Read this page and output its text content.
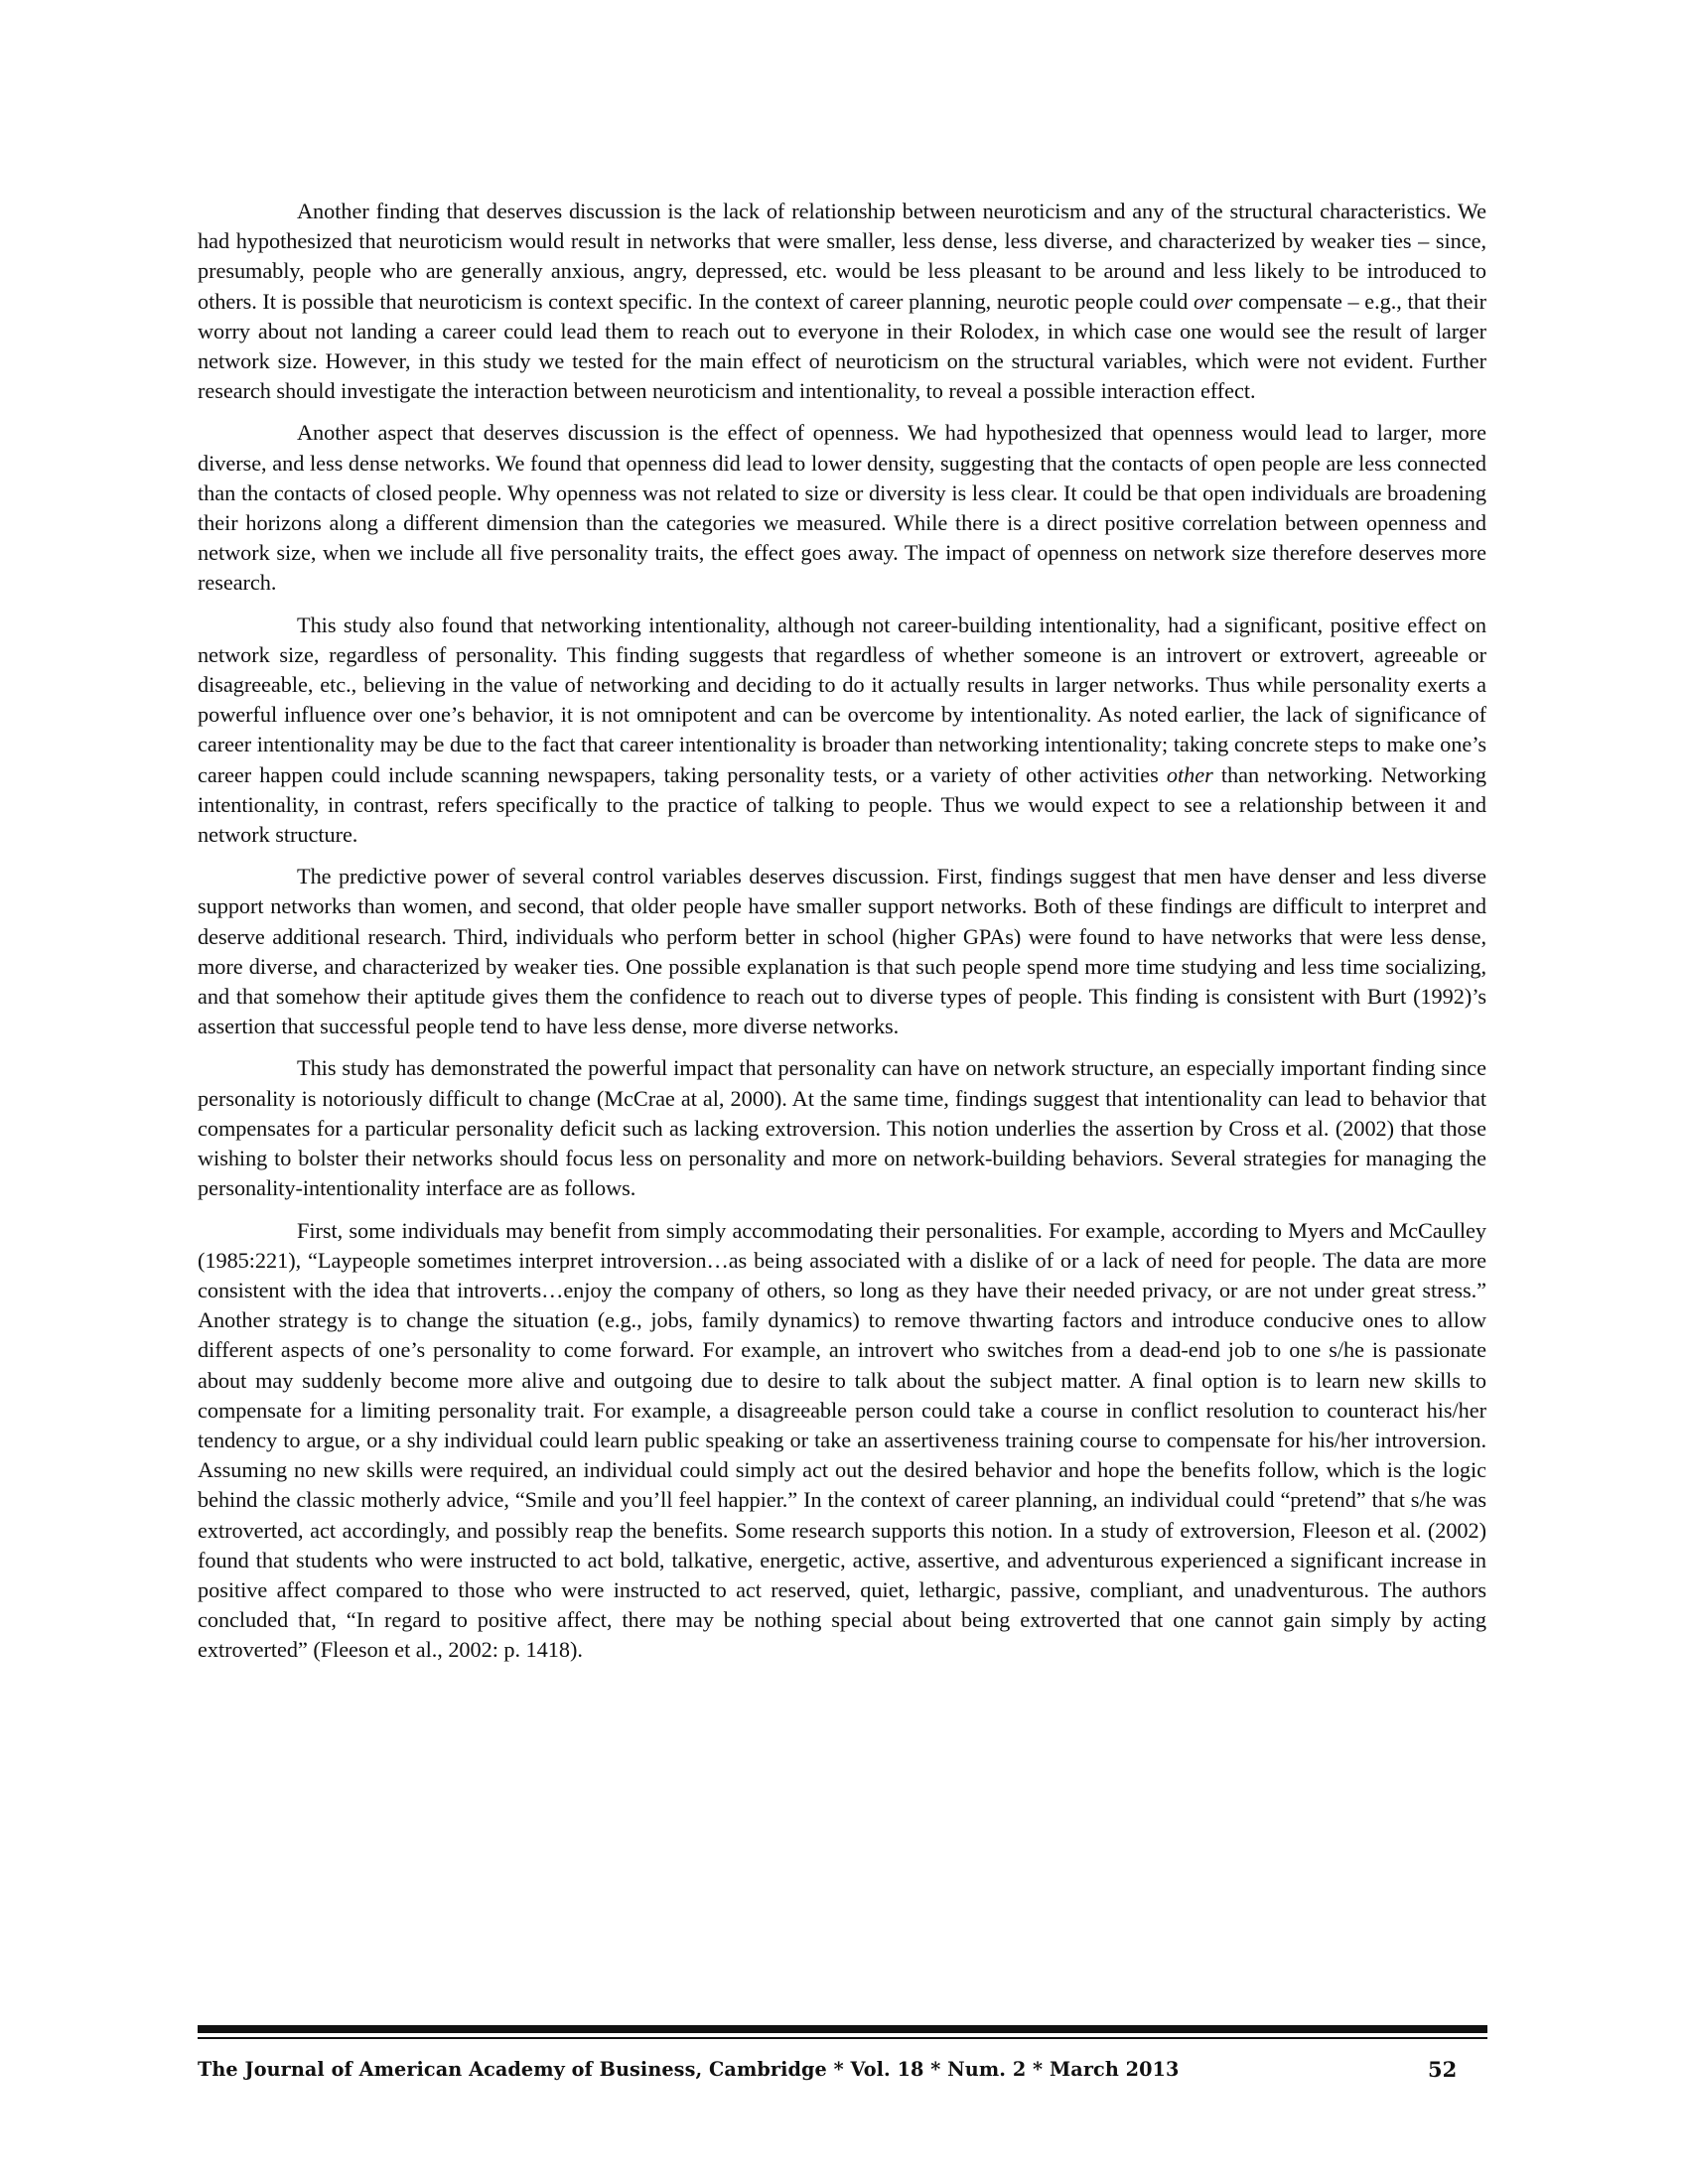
Another finding that deserves discussion is the lack of relationship between neuroticism and any of the structural characteristics. We had hypothesized that neuroticism would result in networks that were smaller, less dense, less diverse, and characterized by weaker ties – since, presumably, people who are generally anxious, angry, depressed, etc. would be less pleasant to be around and less likely to be introduced to others. It is possible that neuroticism is context specific. In the context of career planning, neurotic people could over compensate – e.g., that their worry about not landing a career could lead them to reach out to everyone in their Rolodex, in which case one would see the result of larger network size. However, in this study we tested for the main effect of neuroticism on the structural variables, which were not evident. Further research should investigate the interaction between neuroticism and intentionality, to reveal a possible interaction effect.

Another aspect that deserves discussion is the effect of openness. We had hypothesized that openness would lead to larger, more diverse, and less dense networks. We found that openness did lead to lower density, suggesting that the contacts of open people are less connected than the contacts of closed people. Why openness was not related to size or diversity is less clear. It could be that open individuals are broadening their horizons along a different dimension than the categories we measured. While there is a direct positive correlation between openness and network size, when we include all five personality traits, the effect goes away. The impact of openness on network size therefore deserves more research.

This study also found that networking intentionality, although not career-building intentionality, had a significant, positive effect on network size, regardless of personality. This finding suggests that regardless of whether someone is an introvert or extrovert, agreeable or disagreeable, etc., believing in the value of networking and deciding to do it actually results in larger networks. Thus while personality exerts a powerful influence over one’s behavior, it is not omnipotent and can be overcome by intentionality. As noted earlier, the lack of significance of career intentionality may be due to the fact that career intentionality is broader than networking intentionality; taking concrete steps to make one’s career happen could include scanning newspapers, taking personality tests, or a variety of other activities other than networking. Networking intentionality, in contrast, refers specifically to the practice of talking to people. Thus we would expect to see a relationship between it and network structure.

The predictive power of several control variables deserves discussion. First, findings suggest that men have denser and less diverse support networks than women, and second, that older people have smaller support networks. Both of these findings are difficult to interpret and deserve additional research. Third, individuals who perform better in school (higher GPAs) were found to have networks that were less dense, more diverse, and characterized by weaker ties. One possible explanation is that such people spend more time studying and less time socializing, and that somehow their aptitude gives them the confidence to reach out to diverse types of people. This finding is consistent with Burt (1992)’s assertion that successful people tend to have less dense, more diverse networks.

This study has demonstrated the powerful impact that personality can have on network structure, an especially important finding since personality is notoriously difficult to change (McCrae at al, 2000). At the same time, findings suggest that intentionality can lead to behavior that compensates for a particular personality deficit such as lacking extroversion. This notion underlies the assertion by Cross et al. (2002) that those wishing to bolster their networks should focus less on personality and more on network-building behaviors. Several strategies for managing the personality-intentionality interface are as follows.

First, some individuals may benefit from simply accommodating their personalities. For example, according to Myers and McCaulley (1985:221), “Laypeople sometimes interpret introversion…as being associated with a dislike of or a lack of need for people. The data are more consistent with the idea that introverts…enjoy the company of others, so long as they have their needed privacy, or are not under great stress.” Another strategy is to change the situation (e.g., jobs, family dynamics) to remove thwarting factors and introduce conducive ones to allow different aspects of one’s personality to come forward. For example, an introvert who switches from a dead-end job to one s/he is passionate about may suddenly become more alive and outgoing due to desire to talk about the subject matter. A final option is to learn new skills to compensate for a limiting personality trait. For example, a disagreeable person could take a course in conflict resolution to counteract his/her tendency to argue, or a shy individual could learn public speaking or take an assertiveness training course to compensate for his/her introversion. Assuming no new skills were required, an individual could simply act out the desired behavior and hope the benefits follow, which is the logic behind the classic motherly advice, “Smile and you’ll feel happier.” In the context of career planning, an individual could “pretend” that s/he was extroverted, act accordingly, and possibly reap the benefits. Some research supports this notion. In a study of extroversion, Fleeson et al. (2002) found that students who were instructed to act bold, talkative, energetic, active, assertive, and adventurous experienced a significant increase in positive affect compared to those who were instructed to act reserved, quiet, lethargic, passive, compliant, and unadventurous. The authors concluded that, “In regard to positive affect, there may be nothing special about being extroverted that one cannot gain simply by acting extroverted” (Fleeson et al., 2002: p. 1418).

The Journal of American Academy of Business, Cambridge * Vol. 18 * Num. 2 * March 2013	52
